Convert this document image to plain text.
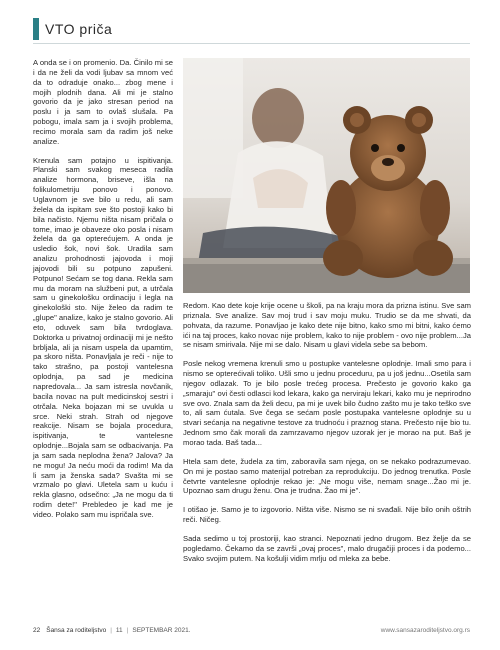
VTO priča

A onda se i on promenio. Da. Činilo mi se i da ne želi da vodi ljubav sa mnom već da to odraduje onako... zbog mene i mojih plodnih dana. Ali mi je stalno govorio da je jako stresan period na poslu i ja sam to ovlaš slušala. Pa pobogu, imala sam ja i svojih problema, recimo morala sam da radim još neke analize.

Krenula sam potajno u ispitivanja. Planski sam svakog meseca radila analize hormona, briseve, išla na folikulometriju ponovo i ponovo. Uglavnom je sve bilo u redu, ali sam želela da ispitam sve što postoji kako bi bila načisto. Njemu ništa nisam pričala o tome, imao je obaveze oko posla i nisam želela da ga opterećujem. A onda je usledio šok, novi šok. Uradila sam analizu prohodnosti jajovoda i moji jajovodi bili su potpuno zapušeni. Potpuno! Sećam se tog dana. Rekla sam mu da moram na službeni put, a utrčala sam u ginekološku ordinaciju i legla na ginekološki sto. Nije želeo da radim te „glupe" analize, kako je stalno govorio. Ali eto, oduvek sam bila tvrdoglava. Doktorka u privatnoj ordinaciji mi je nešto brbljala, ali ja nisam uspela da upamtim, pa skoro ništa. Ponavljala je reči - nije to tako strašno, pa postoji vantelesna oplodnja, pa sad je medicina napredovala... Ja sam istresla novčanik, bacila novac na pult medicinskoj sestri i otrčala. Neka bojazan mi se uvukla u srce. Neki strah. Strah od njegove reakcije. Nisam se bojala procedura, ispitivanja, te vantelesne oplodnje...Bojala sam se odbacivanja. Pa ja sam sada neplodna žena? Jalova? Ja ne mogu! Ja neću moći da rodim! Ma da li sam ja ženska sada? Svašta mi se vrzmalo po glavi. Uletela sam u kuću i rekla glasno, odsečno: „Ja ne mogu da ti rodim dete!" Prebledeo je kad me je video. Polako sam mu ispričala sve.

Redom. Kao dete koje krije ocene u školi, pa na kraju mora da prizna istinu. Sve sam priznala. Sve analize. Sav moj trud i sav moju muku. Trudio se da me shvati, da pohvata, da razume. Ponavljao je kako dete nije bitno, kako smo mi bitni, kako ćemo ići na taj proces, kako novac nije problem, kako to nije problem - ovo nije problem...Ja se nisam smirivala. Nije mi se dalo. Nisam u glavi videla sebe sa bebom.

Posle nekog vremena krenuli smo u postupke vantelesne oplodnje. Imali smo para i nismo se opterećivali toliko. Ušli smo u jednu proceduru, pa u još jednu...Osetila sam njegov odlazak. To je bilo posle trećeg procesa. Prečesto je govorio kako ga „smaraju" ovi česti odlasci kod lekara, kako ga nerviraju lekari, kako mu je neprirodno sve ovo. Znala sam da želi decu, pa mi je uvek bilo čudno zašto mu je tako teško sve to, ali sam ćutala. Sve čega se sećam posle postupaka vantelesne oplodnje su u stvari sećanja na negativne testove za trudnoću i praznog stana. Prečesto nije bio tu. Jednom smo čak morali da zamrzavamo njegov uzorak jer je morao na put. Baš je morao tada. Baš tada...

Htela sam dete, žudela za tim, zaboravila sam njega, on se nekako podrazumevao. On mi je postao samo materijal potreban za reprodukciju. Do jednog trenutka. Posle četvrte vantelesne oplodnje rekao je: „Ne mogu više, nemam snage...Žao mi je. Upoznao sam drugu ženu. Ona je trudna. Žao mi je".

I otišao je. Samo je to izgovorio. Ništa više. Nismo se ni svađali. Nije bilo onih oštrih reči. Ničeg.

Sada sedimo u toj prostoriji, kao stranci. Nepoznati jedno drugom. Bez želje da se pogledamo. Čekamo da se završi „ovaj proces", malo drugačiji proces i da podemo... Svako svojim putem. Na košulji vidim mrlju od mleka za bebe.

22 Šansa za roditeljstvo | 11 | SEPTEMBAR 2021.	www.sansazaroditeljstvo.org.rs
